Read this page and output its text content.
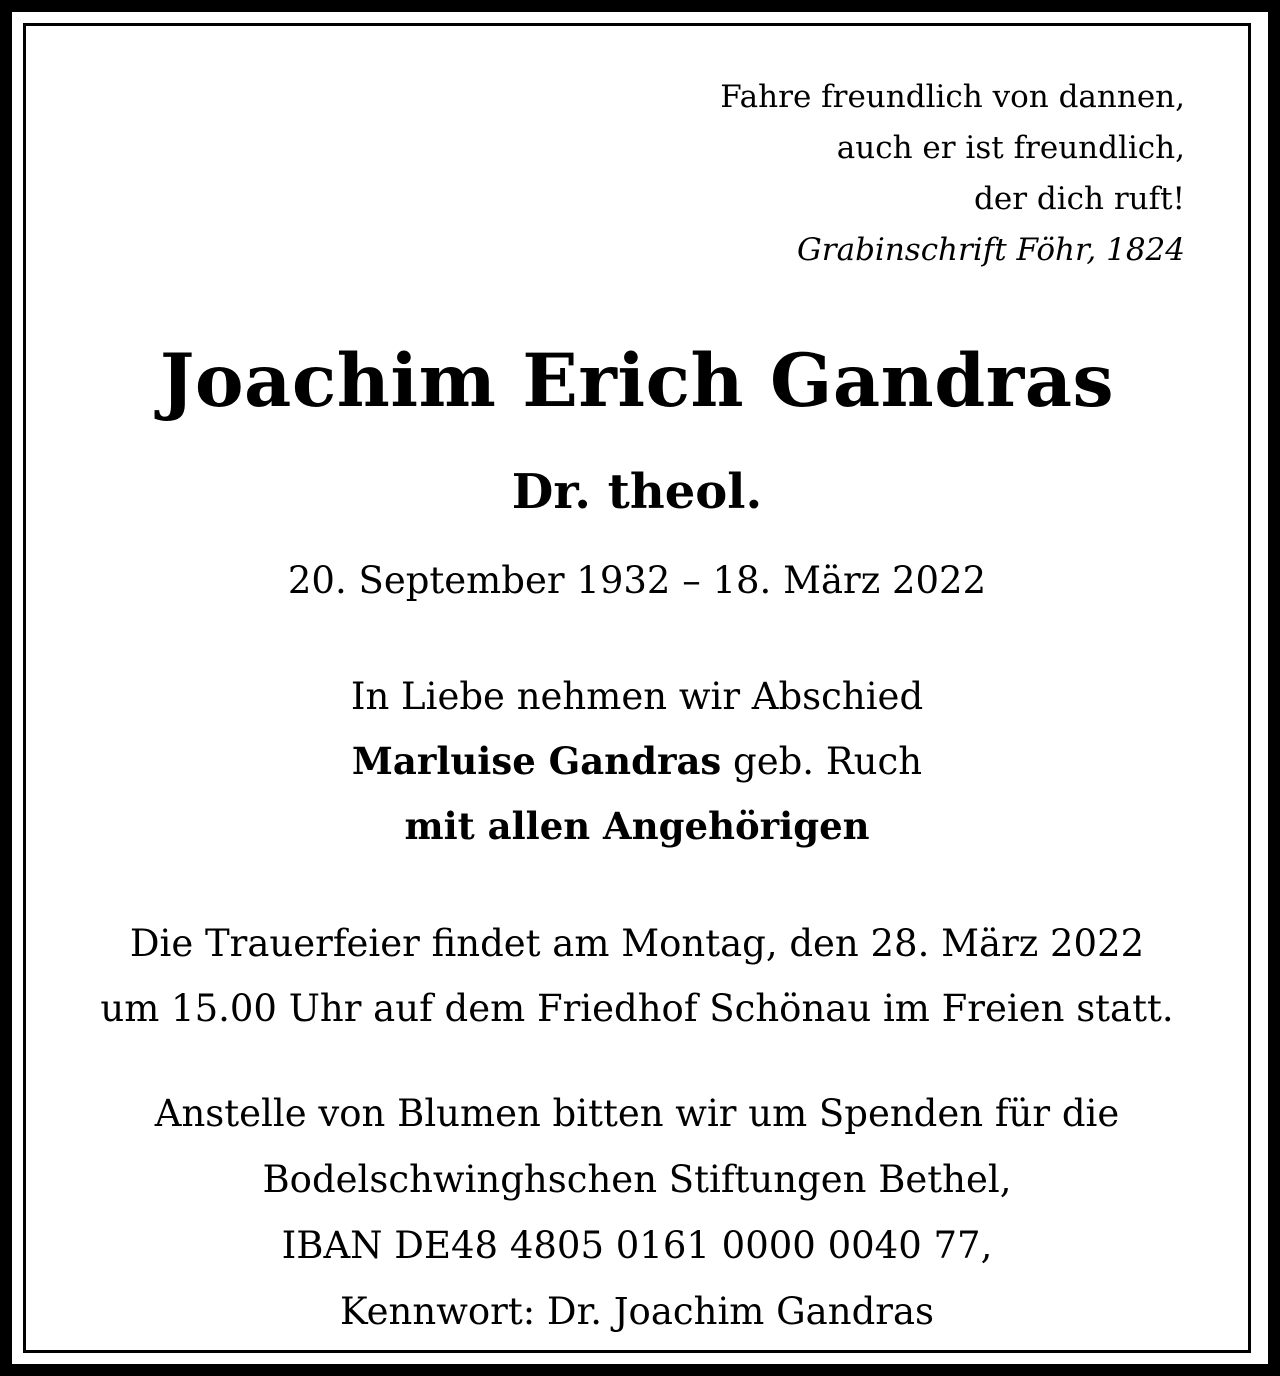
Fahre freundlich von dannen,
auch er ist freundlich,
der dich ruft!
Grabinschrift Föhr, 1824
Joachim Erich Gandras
Dr. theol.
20. September 1932 – 18. März 2022
In Liebe nehmen wir Abschied
Marluise Gandras geb. Ruch
mit allen Angehörigen
Die Trauerfeier findet am Montag, den 28. März 2022
um 15.00 Uhr auf dem Friedhof Schönau im Freien statt.
Anstelle von Blumen bitten wir um Spenden für die
Bodelschwinghschen Stiftungen Bethel,
IBAN DE48 4805 0161 0000 0040 77,
Kennwort: Dr. Joachim Gandras
